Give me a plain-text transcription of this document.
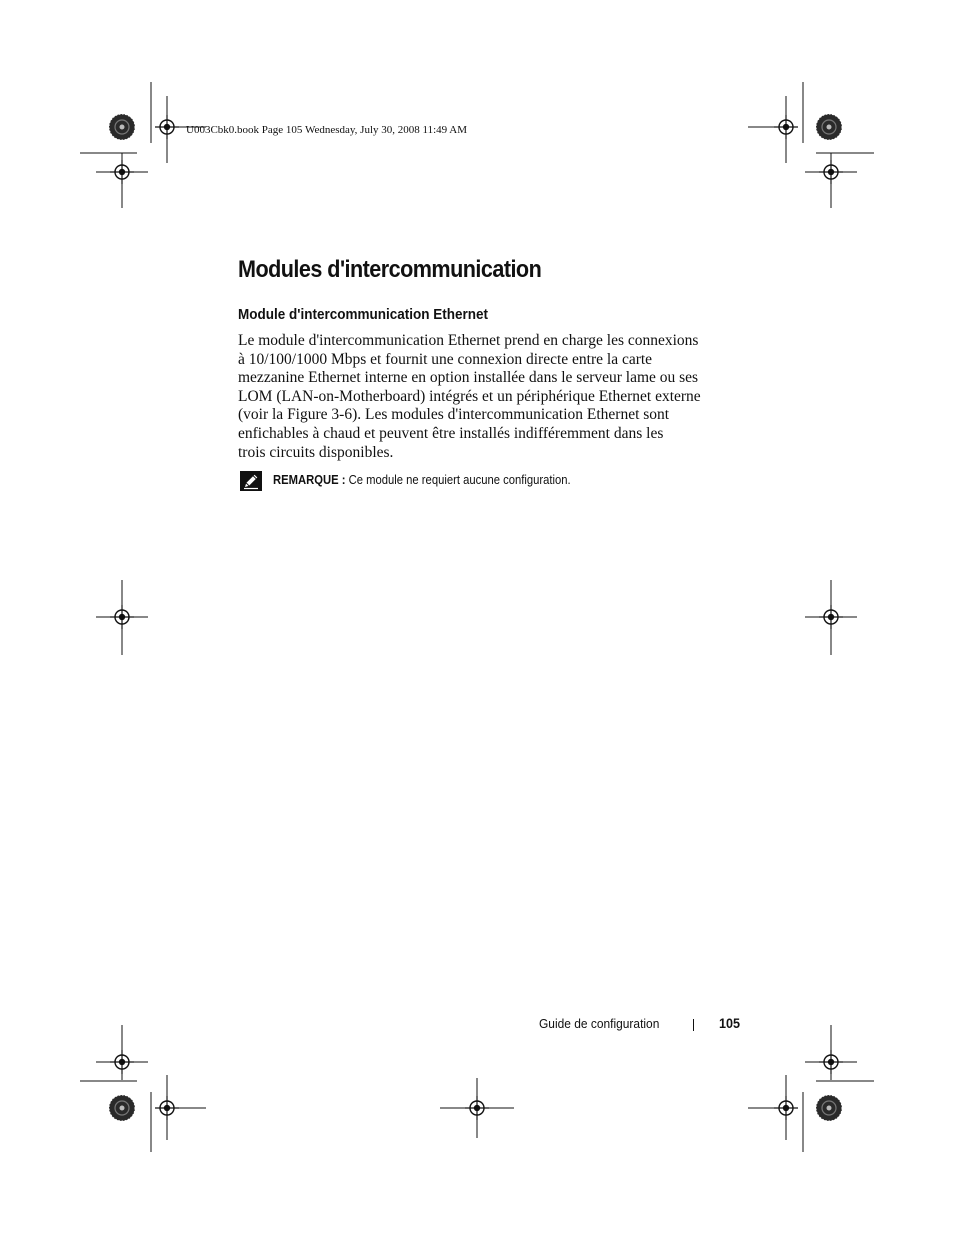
U003Cbk0.book Page 105 Wednesday, July 30, 2008 11:49 AM
Modules d'intercommunication
Module d'intercommunication Ethernet
Le module d'intercommunication Ethernet prend en charge les connexions
à 10/100/1000 Mbps et fournit une connexion directe entre la carte
mezzanine Ethernet interne en option installée dans le serveur lame ou ses
LOM (LAN-on-Motherboard) intégrés et un périphérique Ethernet externe
(voir la Figure 3-6). Les modules d'intercommunication Ethernet sont
enfichables à chaud et peuvent être installés indifféremment dans les
trois circuits disponibles.
REMARQUE : Ce module ne requiert aucune configuration.
Guide de configuration	105
